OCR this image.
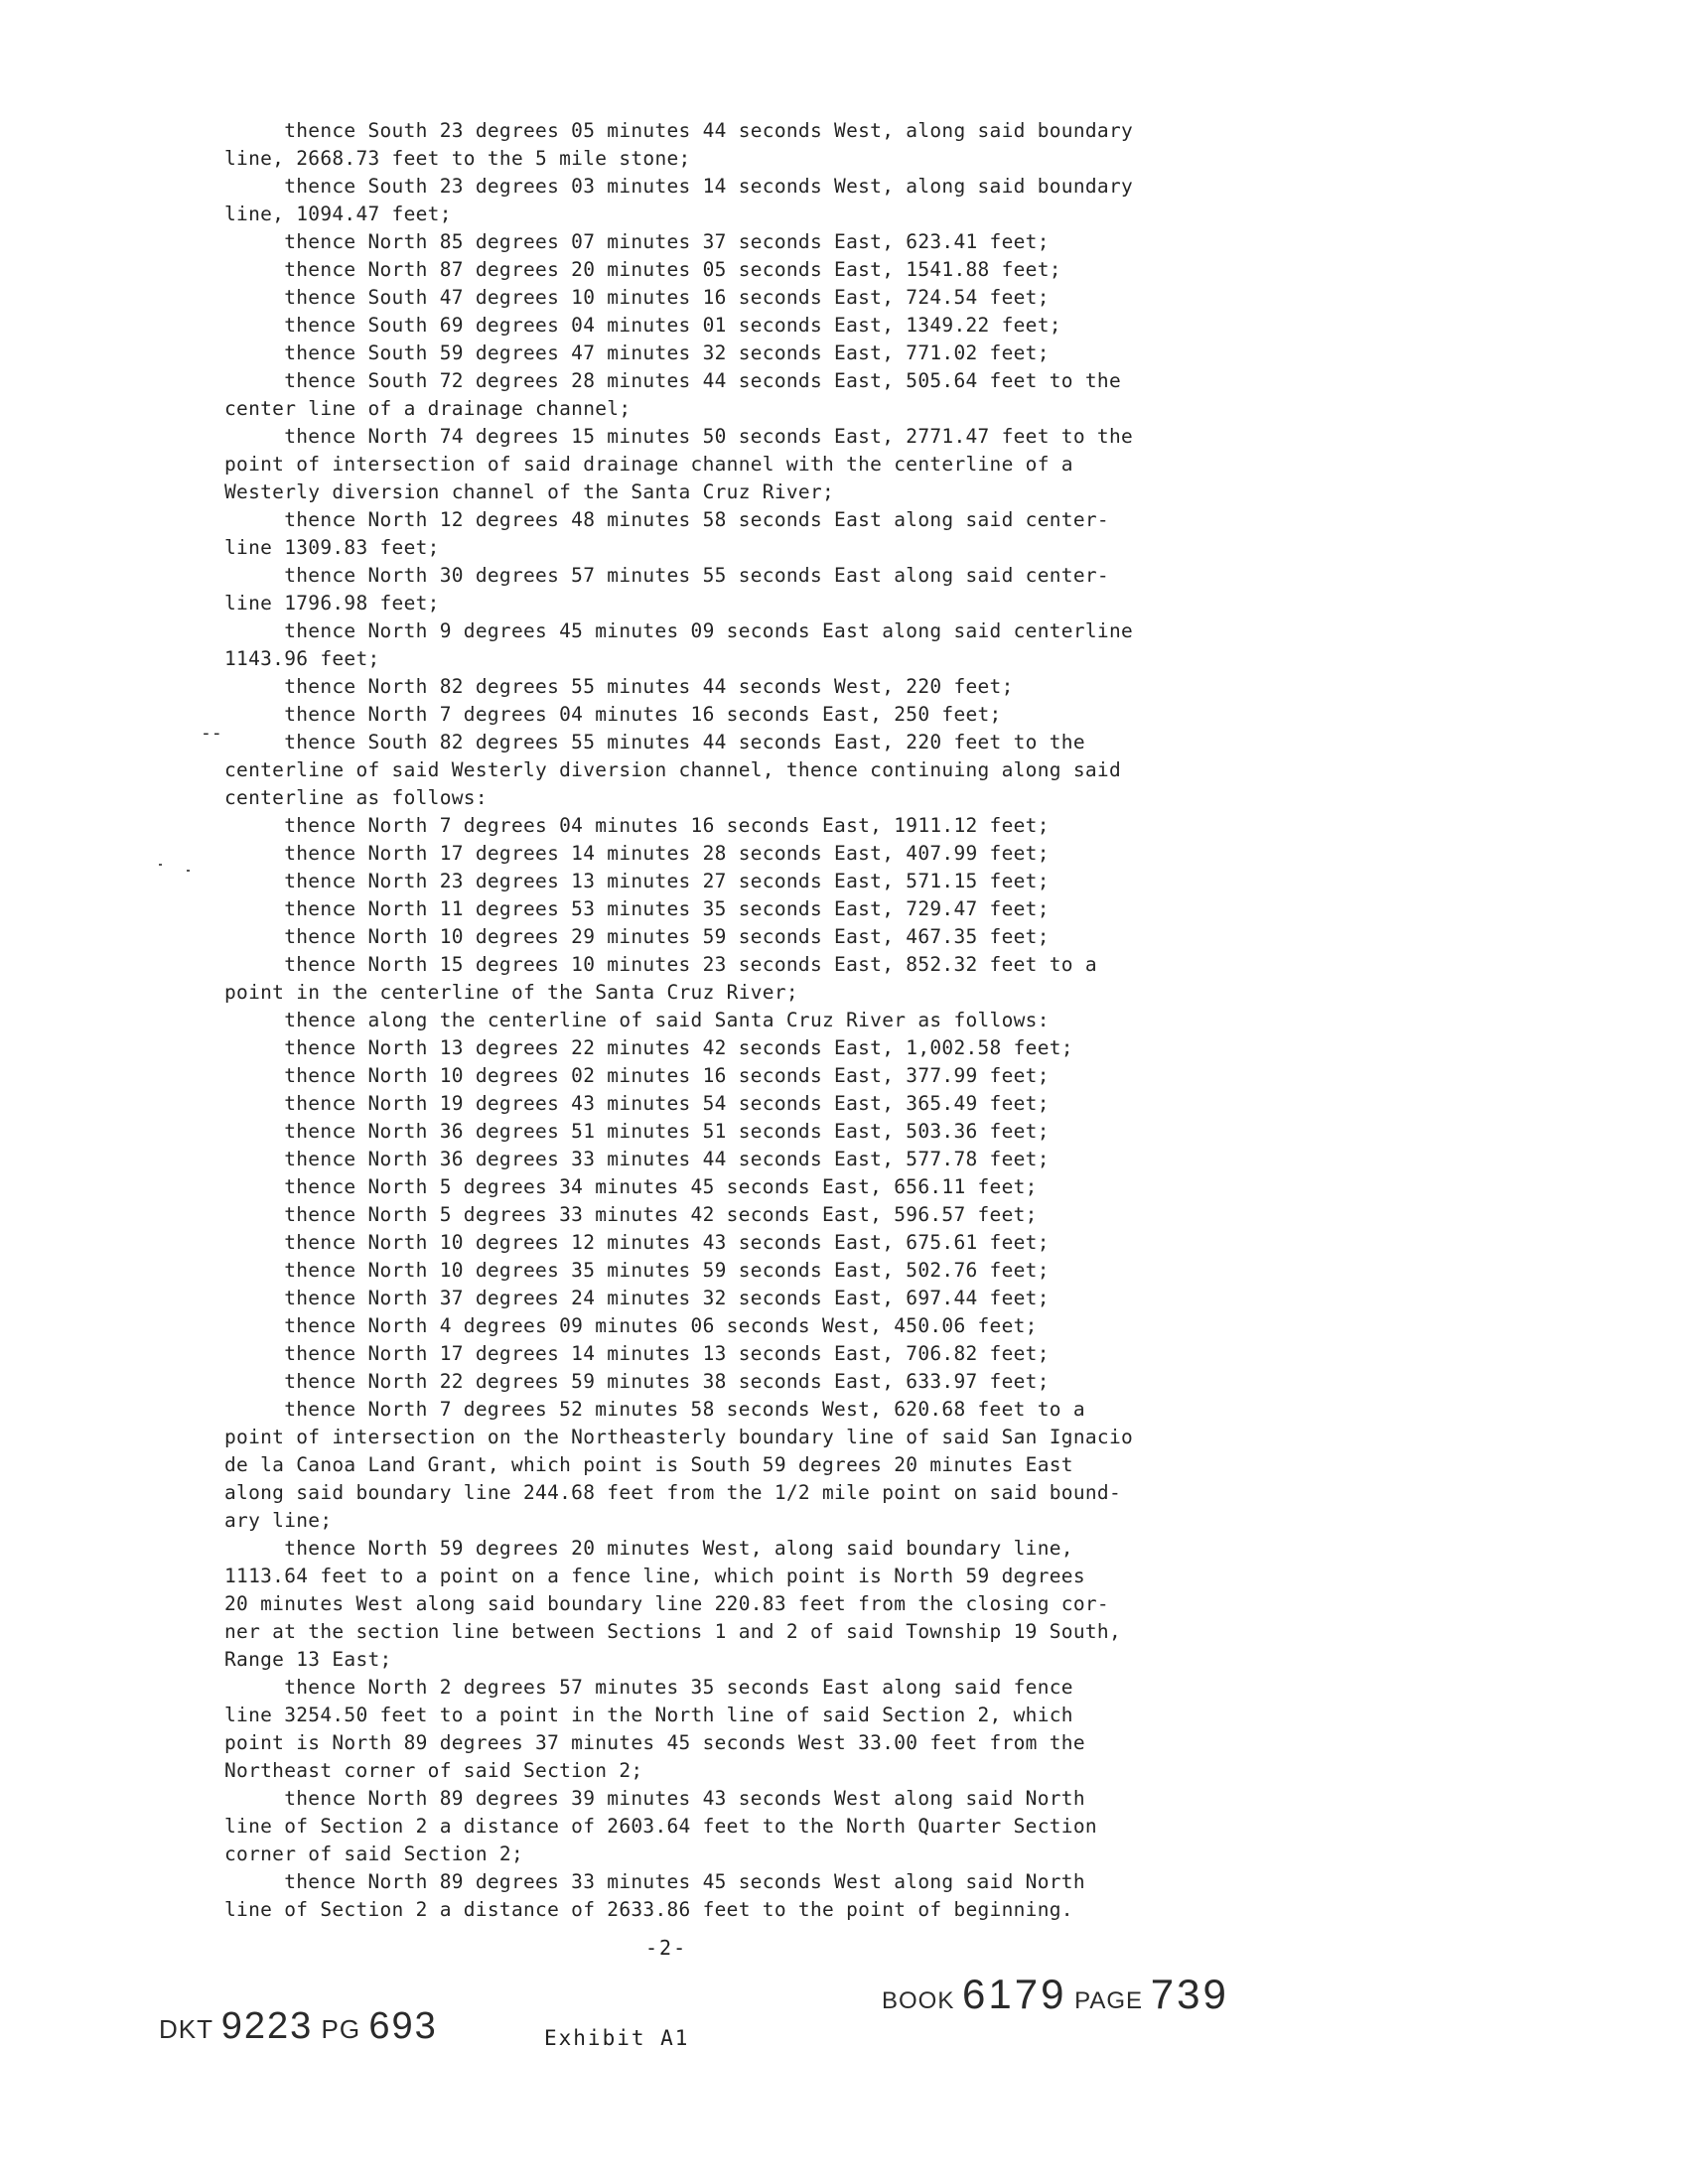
thence South 23 degrees 05 minutes 44 seconds West, along said boundary
line, 2668.73 feet to the 5 mile stone;
thence South 23 degrees 03 minutes 14 seconds West, along said boundary
line, 1094.47 feet;
thence North 85 degrees 07 minutes 37 seconds East, 623.41 feet;
thence North 87 degrees 20 minutes 05 seconds East, 1541.88 feet;
thence South 47 degrees 10 minutes 16 seconds East, 724.54 feet;
thence South 69 degrees 04 minutes 01 seconds East, 1349.22 feet;
thence South 59 degrees 47 minutes 32 seconds East, 771.02 feet;
thence South 72 degrees 28 minutes 44 seconds East, 505.64 feet to the
center line of a drainage channel;
thence North 74 degrees 15 minutes 50 seconds East, 2771.47 feet to the
point of intersection of said drainage channel with the centerline of a
Westerly diversion channel of the Santa Cruz River;
thence North 12 degrees 48 minutes 58 seconds East along said center-
line 1309.83 feet;
thence North 30 degrees 57 minutes 55 seconds East along said center-
line 1796.98 feet;
thence North 9 degrees 45 minutes 09 seconds East along said centerline
1143.96 feet;
thence North 82 degrees 55 minutes 44 seconds West, 220 feet;
thence North 7 degrees 04 minutes 16 seconds East, 250 feet;
thence South 82 degrees 55 minutes 44 seconds East, 220 feet to the
centerline of said Westerly diversion channel, thence continuing along said
centerline as follows:
thence North 7 degrees 04 minutes 16 seconds East, 1911.12 feet;
thence North 17 degrees 14 minutes 28 seconds East, 407.99 feet;
thence North 23 degrees 13 minutes 27 seconds East, 571.15 feet;
thence North 11 degrees 53 minutes 35 seconds East, 729.47 feet;
thence North 10 degrees 29 minutes 59 seconds East, 467.35 feet;
thence North 15 degrees 10 minutes 23 seconds East, 852.32 feet to a
point in the centerline of the Santa Cruz River;
thence along the centerline of said Santa Cruz River as follows:
thence North 13 degrees 22 minutes 42 seconds East, 1,002.58 feet;
thence North 10 degrees 02 minutes 16 seconds East, 377.99 feet;
thence North 19 degrees 43 minutes 54 seconds East, 365.49 feet;
thence North 36 degrees 51 minutes 51 seconds East, 503.36 feet;
thence North 36 degrees 33 minutes 44 seconds East, 577.78 feet;
thence North 5 degrees 34 minutes 45 seconds East, 656.11 feet;
thence North 5 degrees 33 minutes 42 seconds East, 596.57 feet;
thence North 10 degrees 12 minutes 43 seconds East, 675.61 feet;
thence North 10 degrees 35 minutes 59 seconds East, 502.76 feet;
thence North 37 degrees 24 minutes 32 seconds East, 697.44 feet;
thence North 4 degrees 09 minutes 06 seconds West, 450.06 feet;
thence North 17 degrees 14 minutes 13 seconds East, 706.82 feet;
thence North 22 degrees 59 minutes 38 seconds East, 633.97 feet;
thence North 7 degrees 52 minutes 58 seconds West, 620.68 feet to a
point of intersection on the Northeasterly boundary line of said San Ignacio
de la Canoa Land Grant, which point is South 59 degrees 20 minutes East
along said boundary line 244.68 feet from the 1/2 mile point on said bound-
ary line;
thence North 59 degrees 20 minutes West, along said boundary line,
1113.64 feet to a point on a fence line, which point is North 59 degrees
20 minutes West along said boundary line 220.83 feet from the closing cor-
ner at the section line between Sections 1 and 2 of said Township 19 South,
Range 13 East;
thence North 2 degrees 57 minutes 35 seconds East along said fence
line 3254.50 feet to a point in the North line of said Section 2, which
point is North 89 degrees 37 minutes 45 seconds West 33.00 feet from the
Northeast corner of said Section 2;
thence North 89 degrees 39 minutes 43 seconds West along said North
line of Section 2 a distance of 2603.64 feet to the North Quarter Section
corner of said Section 2;
thence North 89 degrees 33 minutes 45 seconds West along said North
line of Section 2 a distance of 2633.86 feet to the point of beginning.
--
-2-
DKT 9223 PG 693	Exhibit A1
BOOK 6179 PAGE 739
